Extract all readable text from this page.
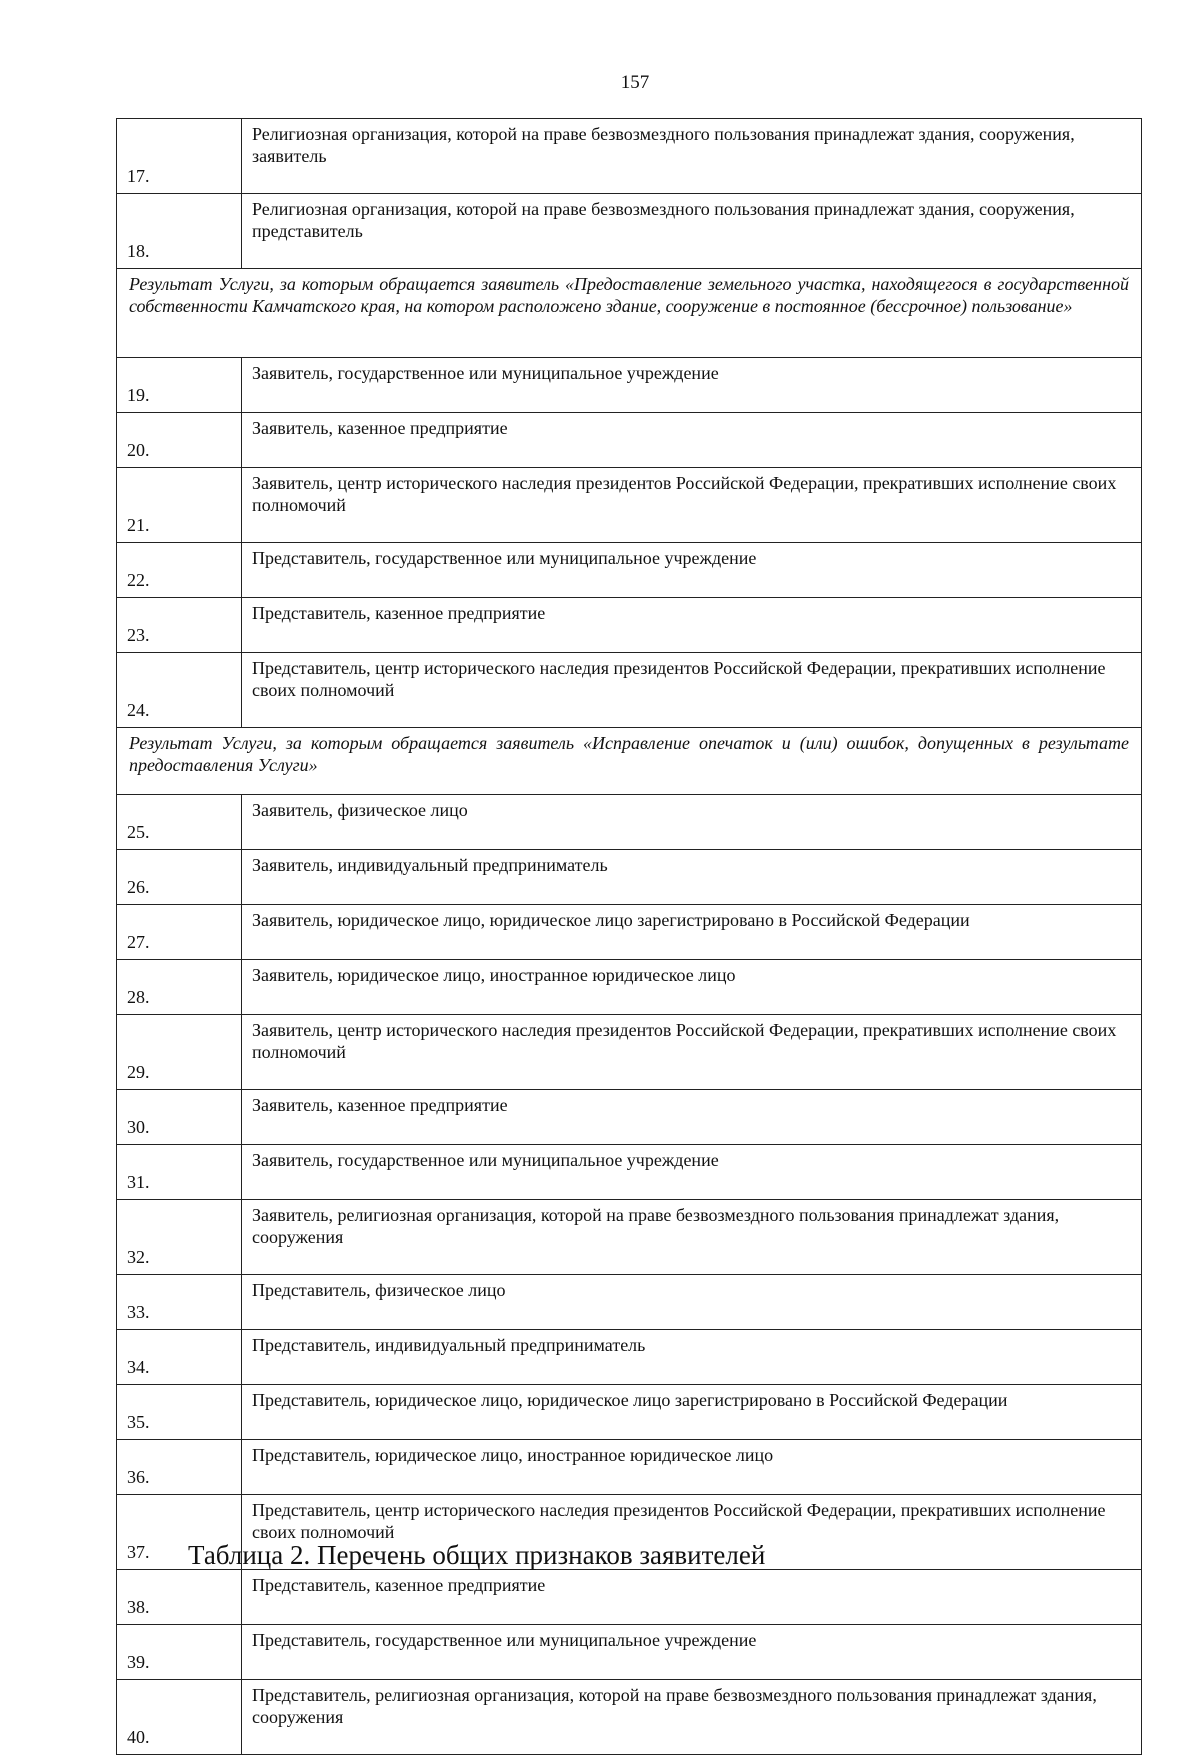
157
17.	Религиозная организация, которой на праве безвозмездного пользования принадлежат здания, сооружения, заявитель
18.	Религиозная организация, которой на праве безвозмездного пользования принадлежат здания, сооружения, представитель
Результат Услуги, за которым обращается заявитель «Предоставление земельного участка, находящегося в государственной собственности Камчатского края, на котором расположено здание, сооружение в постоянное (бессрочное) пользование»	
19.	Заявитель, государственное или муниципальное учреждение
20.	Заявитель, казенное предприятие
21.	Заявитель, центр исторического наследия президентов Российской Федерации, прекративших исполнение своих полномочий
22.	Представитель, государственное или муниципальное учреждение
23.	Представитель, казенное предприятие
24.	Представитель, центр исторического наследия президентов Российской Федерации, прекративших исполнение своих полномочий
Результат Услуги, за которым обращается заявитель «Исправление опечаток и (или) ошибок, допущенных в результате предоставления Услуги»	
25.	Заявитель, физическое лицо
26.	Заявитель, индивидуальный предприниматель
27.	Заявитель, юридическое лицо, юридическое лицо зарегистрировано в Российской Федерации
28.	Заявитель, юридическое лицо, иностранное юридическое лицо
29.	Заявитель, центр исторического наследия президентов Российской Федерации, прекративших исполнение своих полномочий
30.	Заявитель, казенное предприятие
31.	Заявитель, государственное или муниципальное учреждение
32.	Заявитель, религиозная организация, которой на праве безвозмездного пользования принадлежат здания, сооружения
33.	Представитель, физическое лицо
34.	Представитель, индивидуальный предприниматель
35.	Представитель, юридическое лицо, юридическое лицо зарегистрировано в Российской Федерации
36.	Представитель, юридическое лицо, иностранное юридическое лицо
37.	Представитель, центр исторического наследия президентов Российской Федерации, прекративших исполнение своих полномочий
38.	Представитель, казенное предприятие
39.	Представитель, государственное или муниципальное учреждение
40.	Представитель, религиозная организация, которой на праве безвозмездного пользования принадлежат здания, сооружения
Таблица 2. Перечень общих признаков заявителей
